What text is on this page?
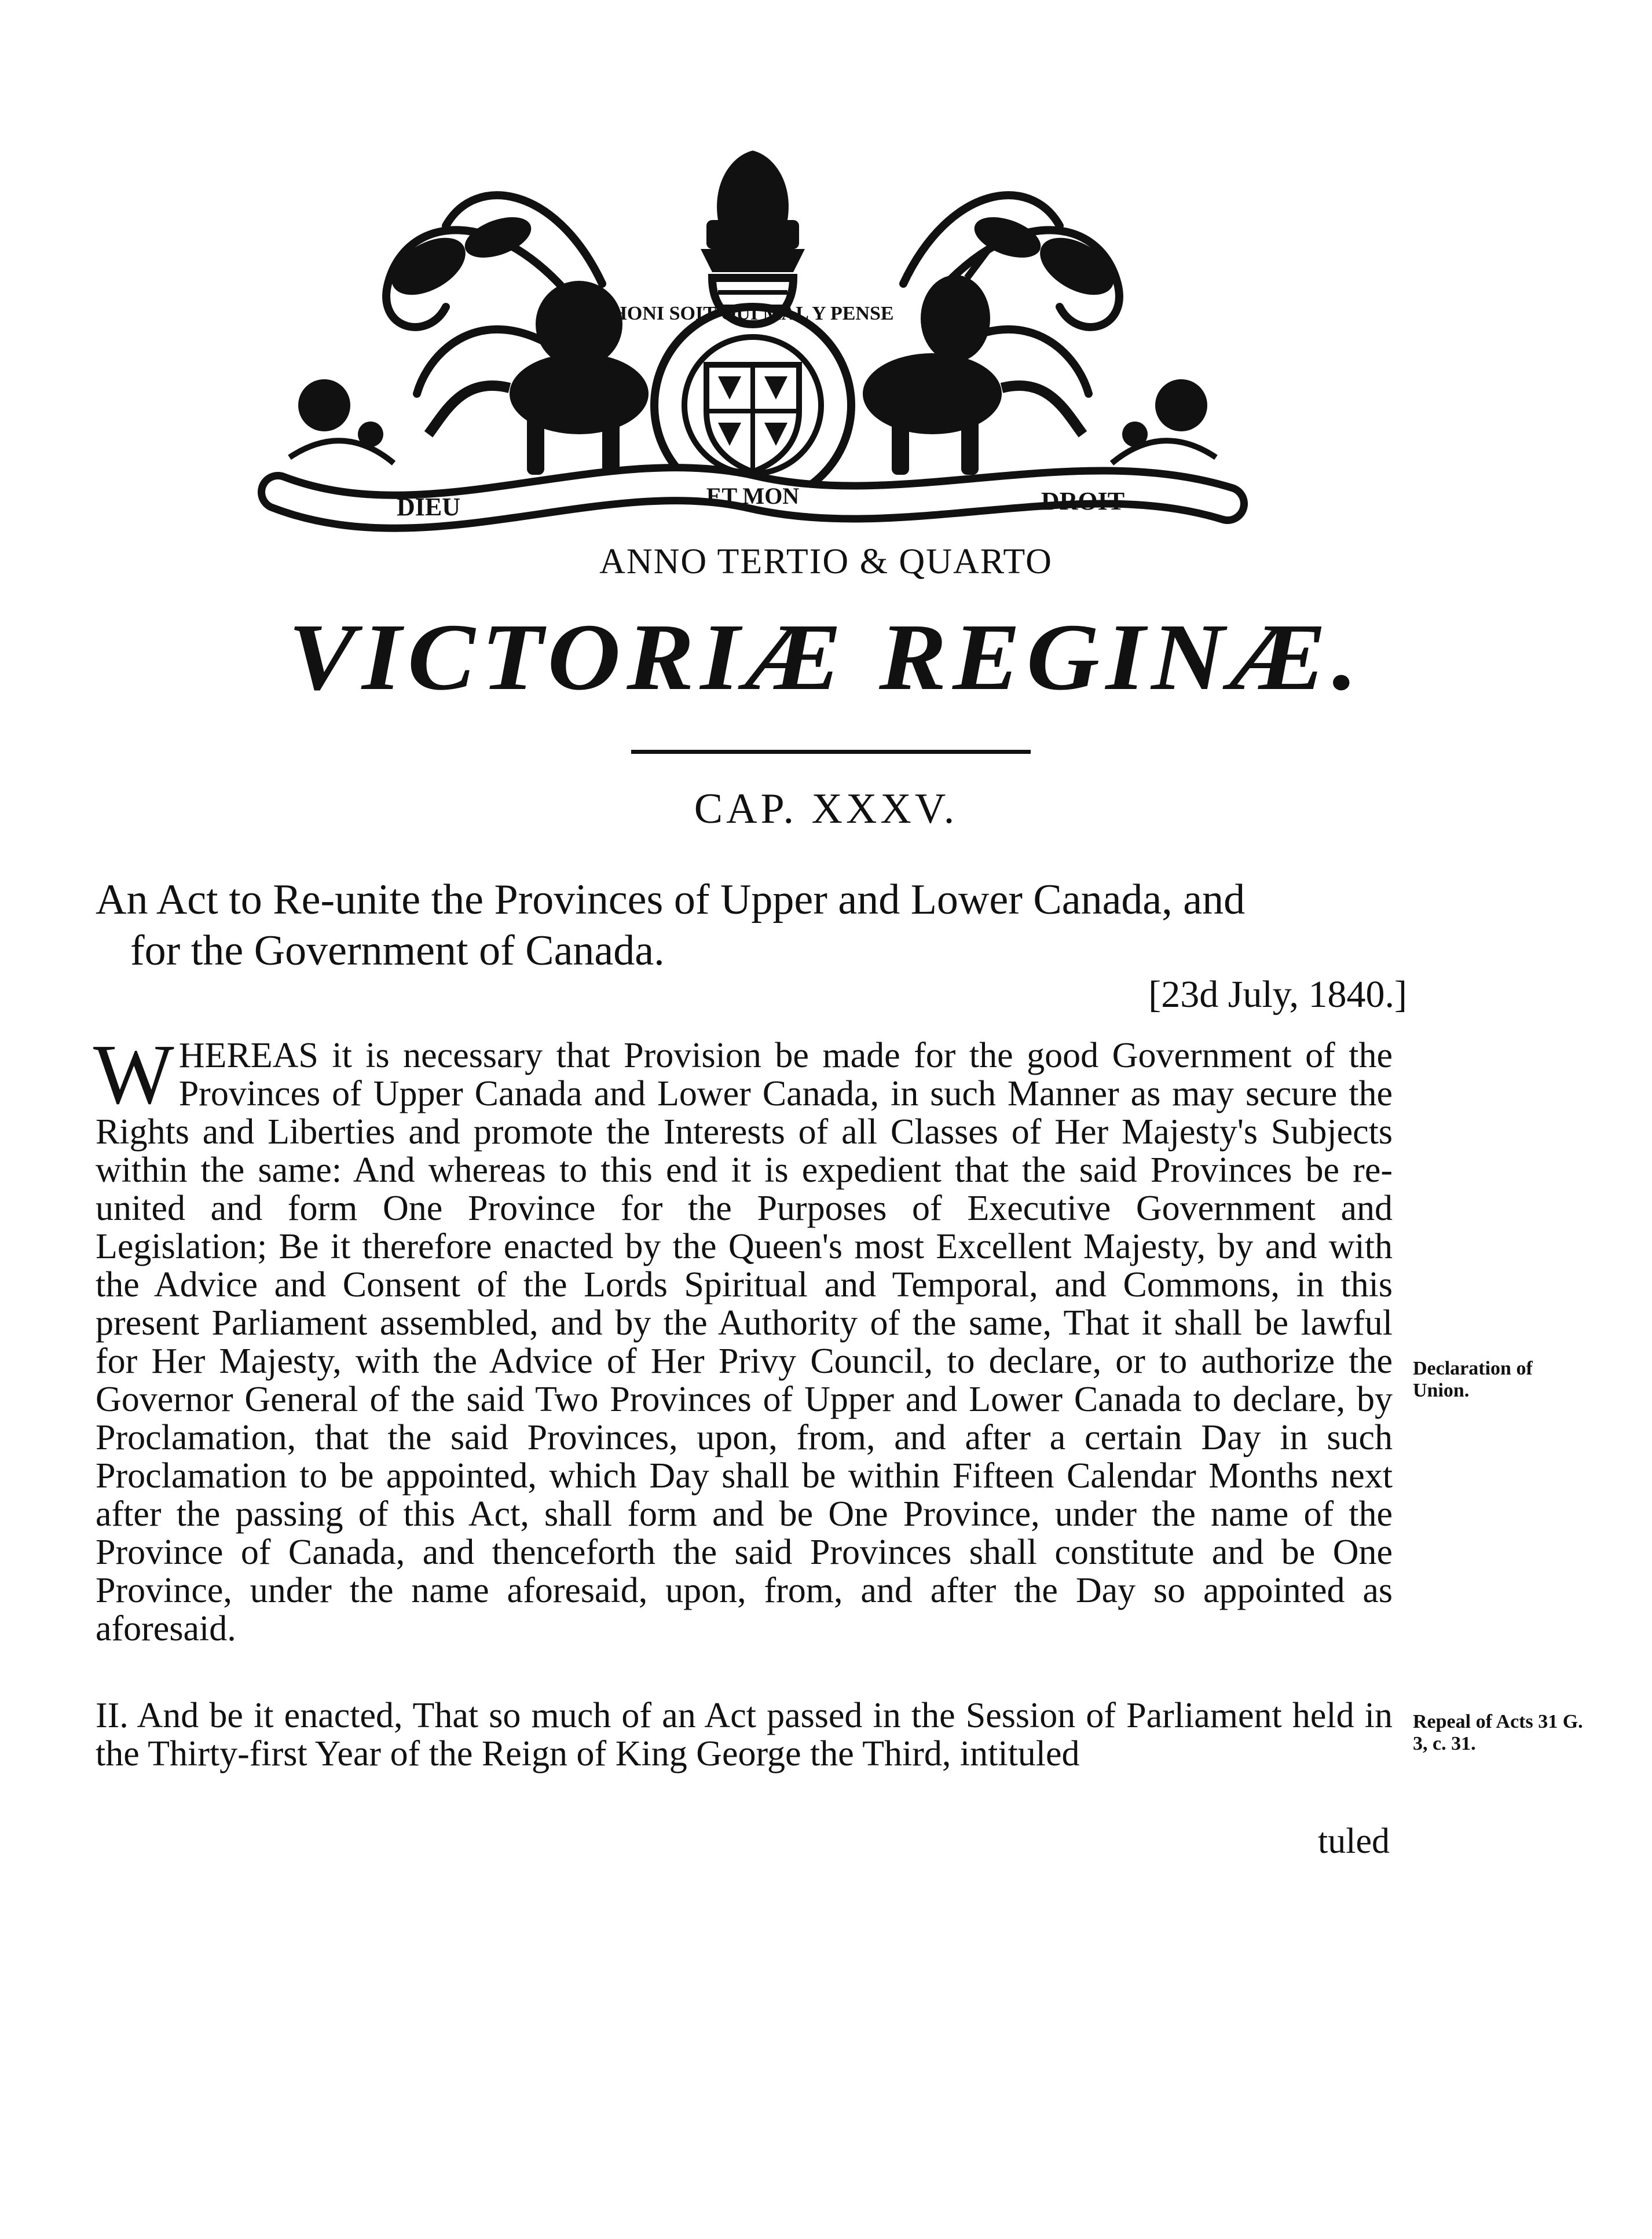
HONI SOIT QUI MAL Y PENSE
DIEU	ET MON	DROIT
ANNO TERTIO & QUARTO
VICTORIÆ REGINÆ.
CAP. XXXV.
An Act to Re-unite the Provinces of Upper and Lower Canada, and
for the Government of Canada.
[23d July, 1840.]
W HEREAS it is necessary that Provision be made for the good Government of the Provinces of Upper Canada and Lower Canada, in such Manner as may secure the Rights and Liberties and promote the Interests of all Classes of Her Majesty's Subjects within the same: And whereas to this end it is expedient that the said Provinces be re-united and form One Province for the Purposes of Executive Government and Legislation; Be it therefore enacted by the Queen's most Excellent Majesty, by and with the Advice and Consent of the Lords Spiritual and Temporal, and Commons, in this present Parliament assembled, and by the Authority of the same, That it shall be lawful for Her Majesty, with the Advice of Her Privy Council, to declare, or to authorize the Governor General of the said Two Provinces of Upper and Lower Canada to declare, by Proclamation, that the said Provinces, upon, from, and after a certain Day in such Proclamation to be appointed, which Day shall be within Fifteen Calendar Months next after the passing of this Act, shall form and be One Province, under the name of the Province of Canada, and thenceforth the said Provinces shall constitute and be One Province, under the name aforesaid, upon, from, and after the Day so appointed as aforesaid.
Declaration of Union.
II. And be it enacted, That so much of an Act passed in the Session of Parliament held in the Thirty-first Year of the Reign of King George the Third, intituled
Repeal of Acts 31 G. 3, c. 31.
tuled
